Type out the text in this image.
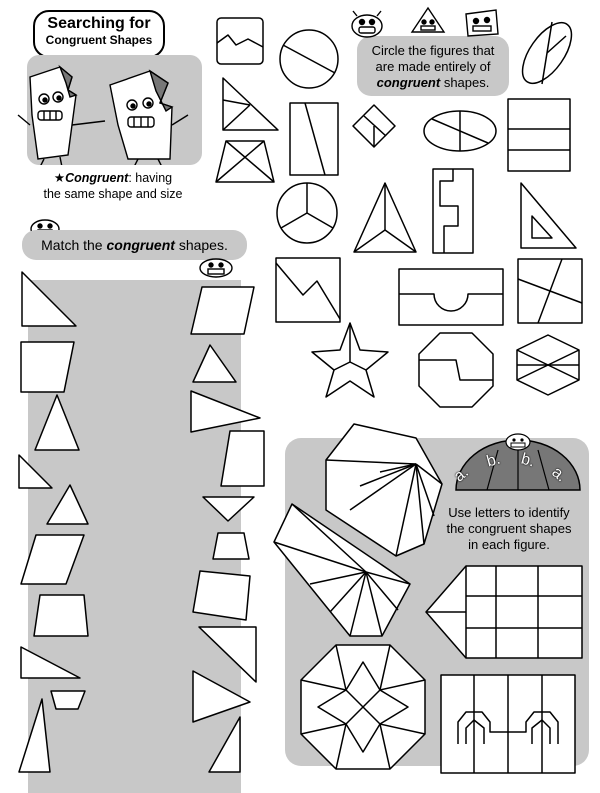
Searching for
Congruent Shapes
★Congruent: having
the same shape and size
Circle the figures that
are made entirely of
congruent shapes.
Match the congruent shapes.
a.
b. b.
a.
Use letters to identify
the congruent shapes
in each figure.
